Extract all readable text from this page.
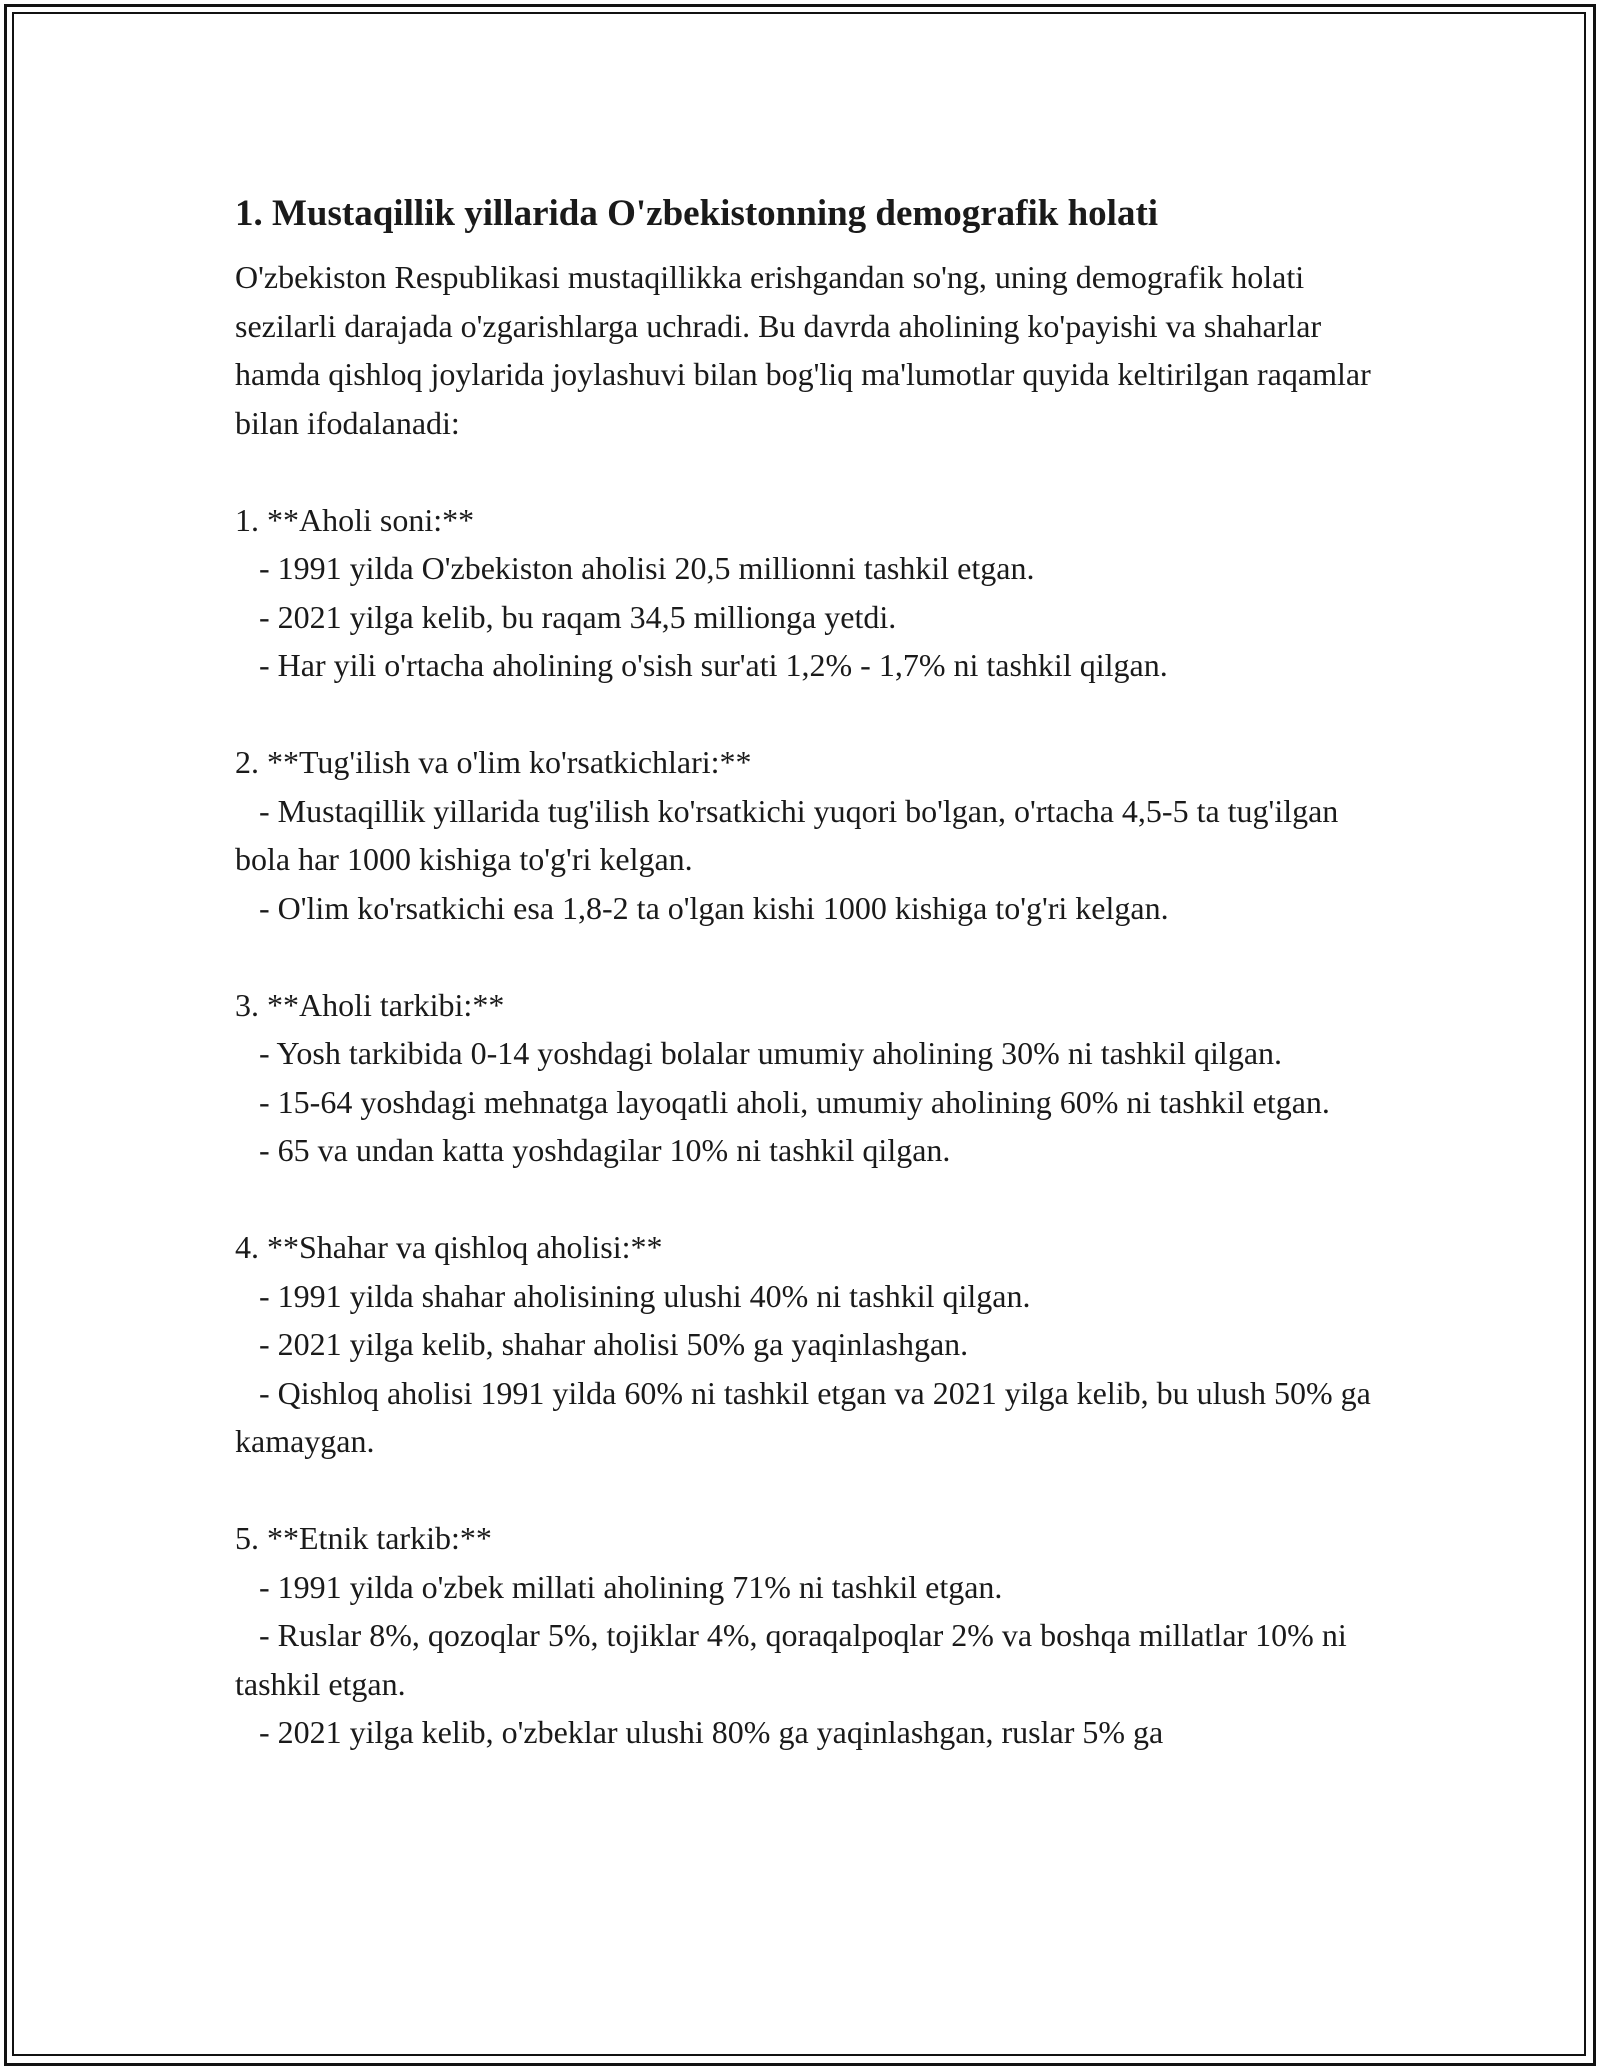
1. Mustaqillik yillarida O'zbekistonning demografik holati

O'zbekiston Respublikasi mustaqillikka erishgandan so'ng, uning demografik holati sezilarli darajada o'zgarishlarga uchradi. Bu davrda aholining ko'payishi va shaharlar hamda qishloq joylarida joylashuvi bilan bog'liq ma'lumotlar quyida keltirilgan raqamlar bilan ifodalanadi:

1. **Aholi soni:**

- 1991 yilda O'zbekiston aholisi 20,5 millionni tashkil etgan.

- 2021 yilga kelib, bu raqam 34,5 millionga yetdi.

- Har yili o'rtacha aholining o'sish sur'ati 1,2% - 1,7% ni tashkil qilgan.

2. **Tug'ilish va o'lim ko'rsatkichlari:**

- Mustaqillik yillarida tug'ilish ko'rsatkichi yuqori bo'lgan, o'rtacha 4,5-5 ta tug'ilgan bola har 1000 kishiga to'g'ri kelgan.

- O'lim ko'rsatkichi esa 1,8-2 ta o'lgan kishi 1000 kishiga to'g'ri kelgan.

3. **Aholi tarkibi:**

- Yosh tarkibida 0-14 yoshdagi bolalar umumiy aholining 30% ni tashkil qilgan.

- 15-64 yoshdagi mehnatga layoqatli aholi, umumiy aholining 60% ni tashkil etgan.

- 65 va undan katta yoshdagilar 10% ni tashkil qilgan.

4. **Shahar va qishloq aholisi:**

- 1991 yilda shahar aholisining ulushi 40% ni tashkil qilgan.

- 2021 yilga kelib, shahar aholisi 50% ga yaqinlashgan.

- Qishloq aholisi 1991 yilda 60% ni tashkil etgan va 2021 yilga kelib, bu ulush 50% ga kamaygan.

5. **Etnik tarkib:**

- 1991 yilda o'zbek millati aholining 71% ni tashkil etgan.

- Ruslar 8%, qozoqlar 5%, tojiklar 4%, qoraqalpoqlar 2% va boshqa millatlar 10% ni tashkil etgan.

- 2021 yilga kelib, o'zbeklar ulushi 80% ga yaqinlashgan, ruslar 5% ga
